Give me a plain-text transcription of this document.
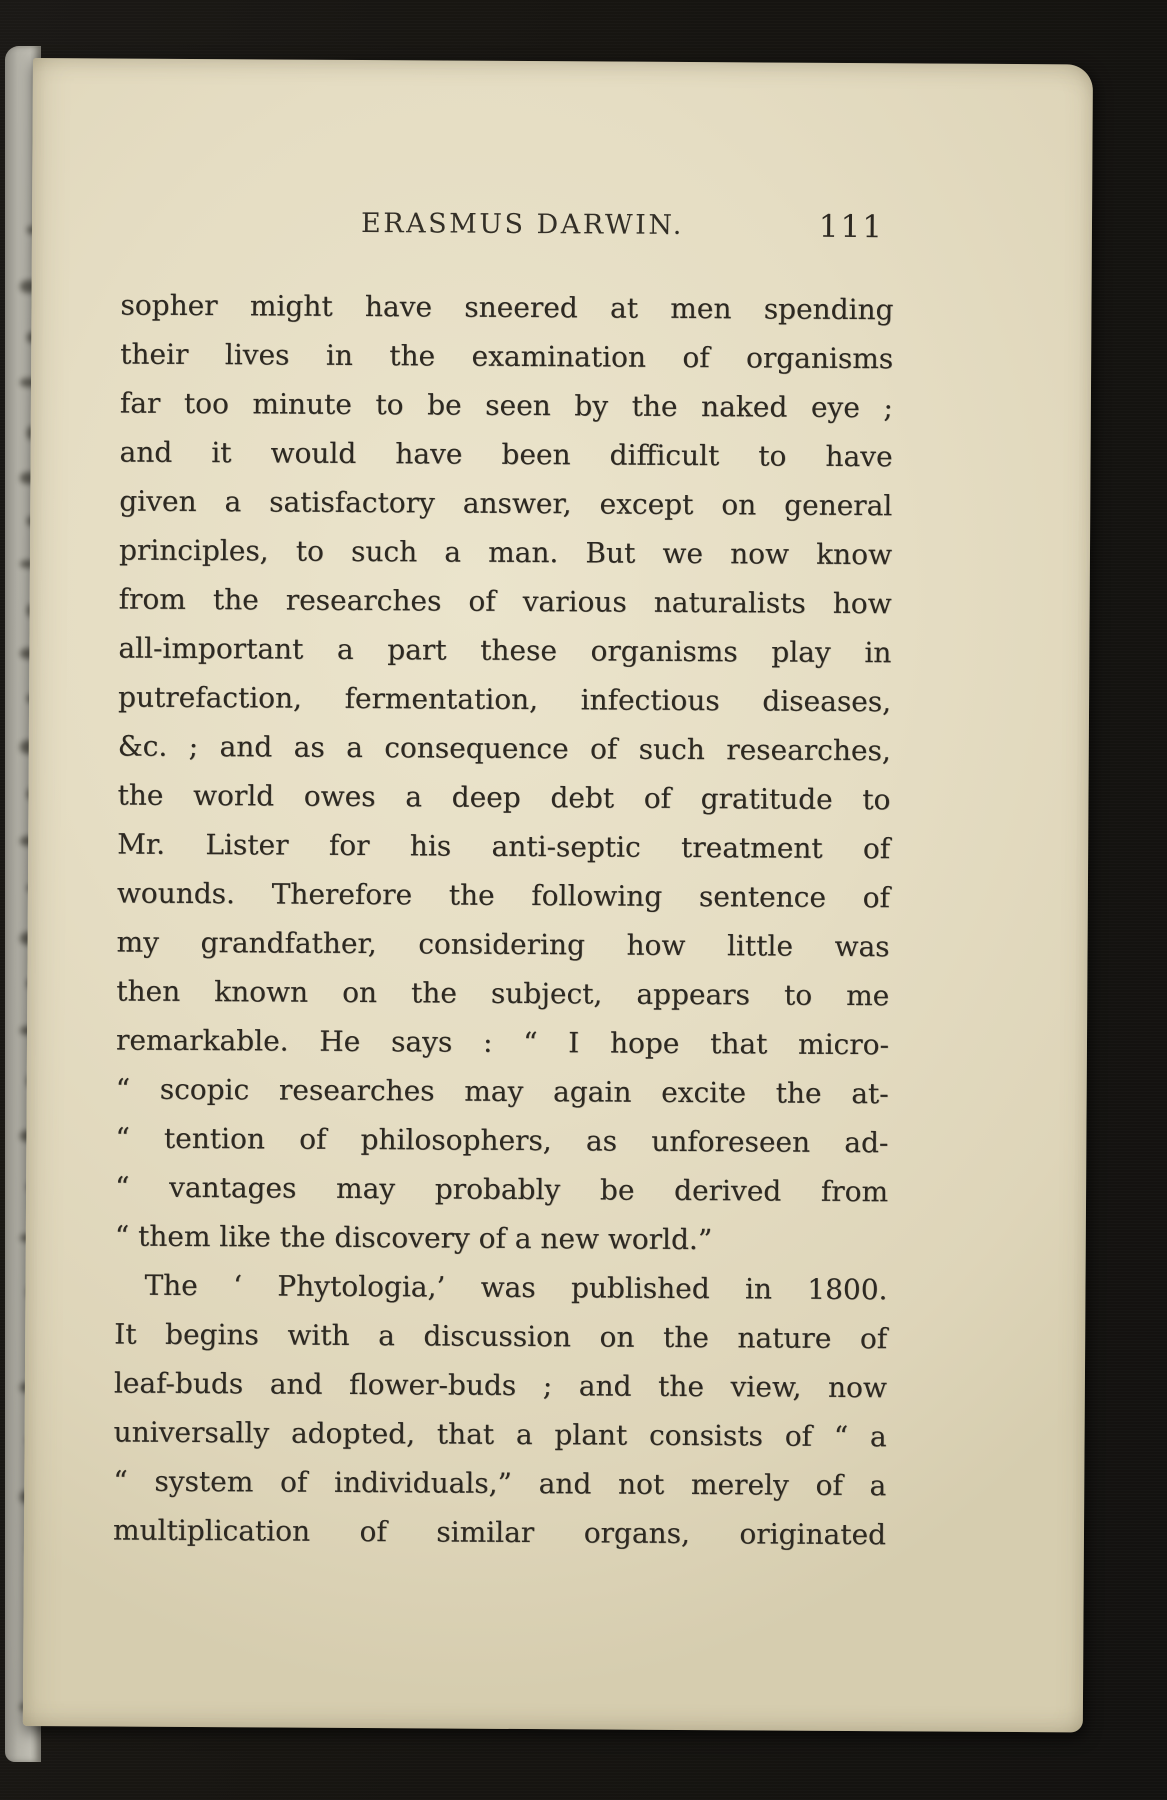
ERASMUS DARWIN.	111
sopher might have sneered at men spending
their lives in the examination of organisms
far too minute to be seen by the naked eye ;
and it would have been difficult to have
given a satisfactory answer, except on general
principles, to such a man. But we now know
from the researches of various naturalists how
all-important a part these organisms play in
putrefaction, fermentation, infectious diseases,
&c. ; and as a consequence of such researches,
the world owes a deep debt of gratitude to
Mr. Lister for his anti-septic treatment of
wounds. Therefore the following sentence of
my grandfather, considering how little was
then known on the subject, appears to me
remarkable. He says : “ I hope that micro-
“ scopic researches may again excite the at-
“ tention of philosophers, as unforeseen ad-
“ vantages may probably be derived from
“ them like the discovery of a new world.”
The ‘ Phytologia,’ was published in 1800.
It begins with a discussion on the nature of
leaf-buds and flower-buds ; and the view, now
universally adopted, that a plant consists of “ a
“ system of individuals,” and not merely of a
multiplication of similar organs, originated
